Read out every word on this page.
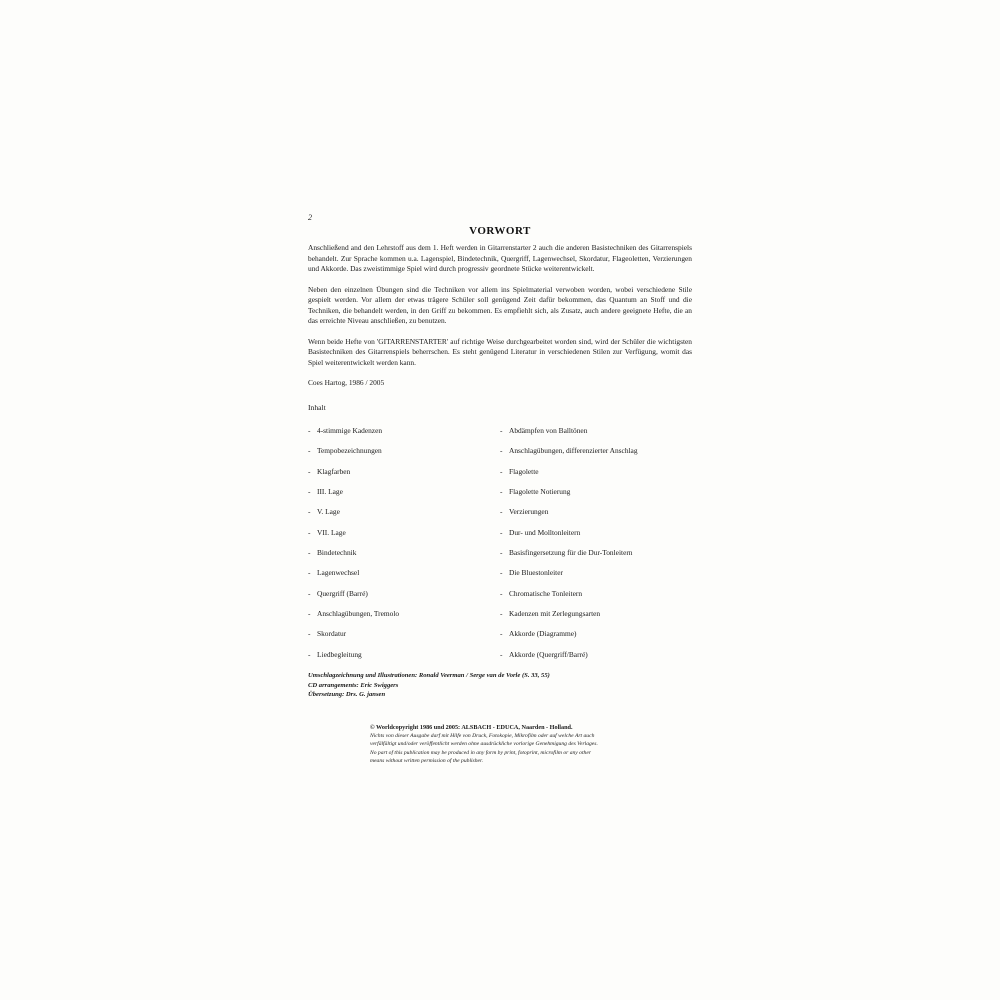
2
VORWORT

Anschließend and den Lehrstoff aus dem 1. Heft werden in Gitarrenstarter 2 auch die anderen Basistechniken des Gitarrenspiels behandelt. Zur Sprache kommen u.a. Lagenspiel, Bindetechnik, Quergriff, Lagenwechsel, Skordatur, Flageoletten, Verzierungen und Akkorde. Das zweistimmige Spiel wird durch progressiv geordnete Stücke weiterentwickelt.

Neben den einzelnen Übungen sind die Techniken vor allem ins Spielmaterial verwoben worden, wobei verschiedene Stile gespielt werden. Vor allem der etwas trägere Schüler soll genügend Zeit dafür bekommen, das Quantum an Stoff und die Techniken, die behandelt werden, in den Griff zu bekommen. Es empfiehlt sich, als Zusatz, auch andere geeignete Hefte, die an das erreichte Niveau anschließen, zu benutzen.

Wenn beide Hefte von 'GITARRENSTARTER' auf richtige Weise durchgearbeitet worden sind, wird der Schüler die wichtigsten Basistechniken des Gitarrenspiels beherrschen. Es steht genügend Literatur in verschiedenen Stilen zur Verfügung, womit das Spiel weiterentwickelt werden kann.

Coes Hartog, 1986 / 2005

Inhalt
- 4-stimmige Kadenzen
- Tempobezeichnungen
- Klagfarben
- III. Lage
- V. Lage
- VII. Lage
- Bindetechnik
- Lagenwechsel
- Quergriff (Barré)
- Anschlagübungen, Tremolo
- Skordatur
- Liedbegleitung
- Abdämpfen von Balltönen
- Anschlagübungen, differenzierter Anschlag
- Flagolette
- Flagolette Notierung
- Verzierungen
- Dur- und Molltonleitern
- Basisfingersetzung für die Dur-Tonleitern
- Die Bluestonleiter
- Chromatische Tonleitern
- Kadenzen mit Zerlegungsarten
- Akkorde (Diagramme)
- Akkorde (Quergriff/Barré)
Umschlagzeichnung und Illustrationen: Ronald Veerman / Serge van de Vorle (S. 33, 55)
CD arrangements: Eric Swiggers
Übersetzung: Drs. G. jansen
© Worldcopyright 1986 und 2005: ALSBACH - EDUCA, Naarden - Holland.
Nichts von dieser Ausgabe darf mit Hilfe von Druck, Fotokopie, Mikrofilm oder auf welche Art auch
verfälfältigt und/oder veröffentlicht werden ohne ausdrückliche vorlorige Genehmigung des Verlages.
No part of this publication may be produced in any form by print, fotoprint, microfilm or any other
means without written permission of the publisher.
